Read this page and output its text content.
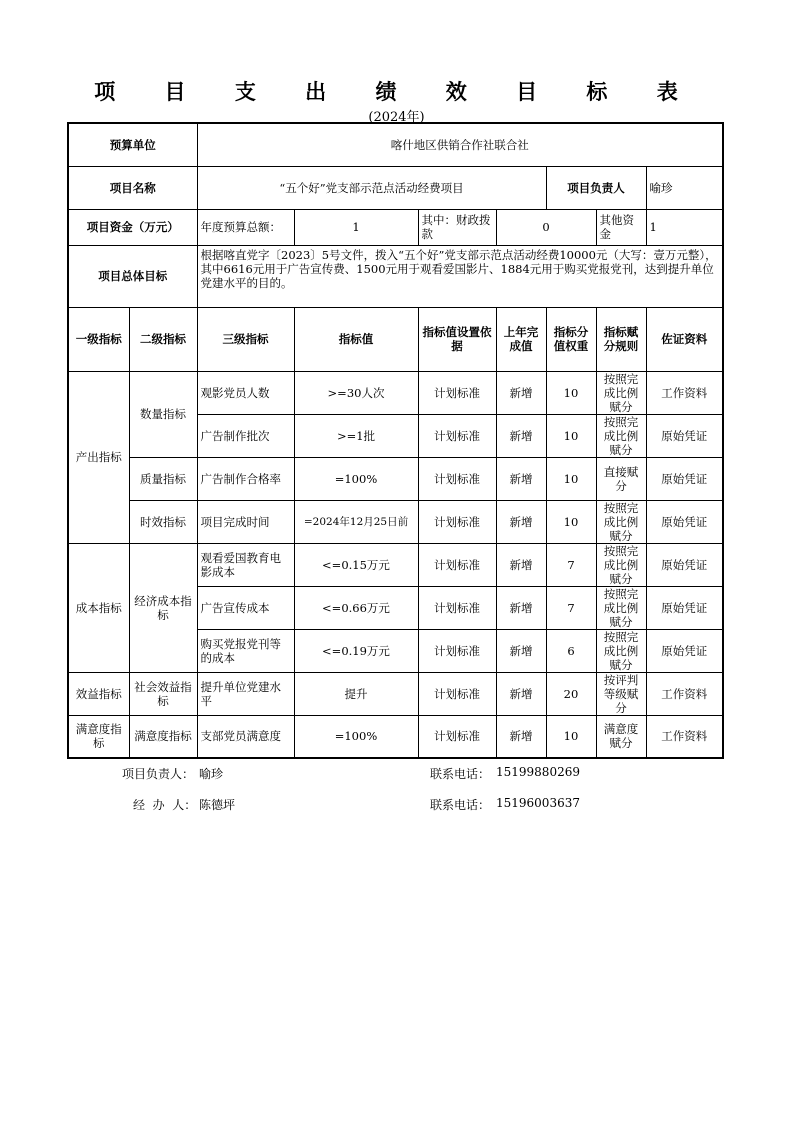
项 目 支 出 绩 效 目 标 表
(2024年)
预算单位		喀什地区供销合作社联合社						
项目名称		“五个好”党支部示范点活动经费项目				项目负责人		喻珍
项目资金（万元）		年度预算总额：	1	其中：财政拨款	0		其他资金	1
项目总体目标		根据喀直党字〔2023〕5号文件，拨入“五个好”党支部示范点活动经费10000元（大写：壹万元整），其中6616元用于广告宣传费、1500元用于观看爱国影片、1884元用于购买党报党刊，达到提升单位党建水平的目的。						
一级指标	二级指标	三级指标	指标值	指标值设置依据	上年完成值	指标分值权重	指标赋分规则	佐证资料
产出指标	数量指标	观影党员人数	>=30人次	计划标准	新增	10	按照完成比例赋分	工作资料
		广告制作批次	>=1批	计划标准	新增	10	按照完成比例赋分	原始凭证
	质量指标	广告制作合格率	=100%	计划标准	新增	10	直接赋分	原始凭证
	时效指标	项目完成时间	=2024年12月25日前	计划标准	新增	10	按照完成比例赋分	原始凭证
成本指标	经济成本指标	观看爱国教育电影成本	<=0.15万元	计划标准	新增	7	按照完成比例赋分	原始凭证
		广告宣传成本	<=0.66万元	计划标准	新增	7	按照完成比例赋分	原始凭证
		购买党报党刊等的成本	<=0.19万元	计划标准	新增	6	按照完成比例赋分	原始凭证
效益指标	社会效益指标	提升单位党建水平	提升	计划标准	新增	20	按评判等级赋分	工作资料
满意度指标	满意度指标	支部党员满意度	=100%	计划标准	新增	10	满意度赋分	工作资料
项目负责人： 喻珍	联系电话： 15199880269
经  办  人： 陈德坪	联系电话： 15196003637
